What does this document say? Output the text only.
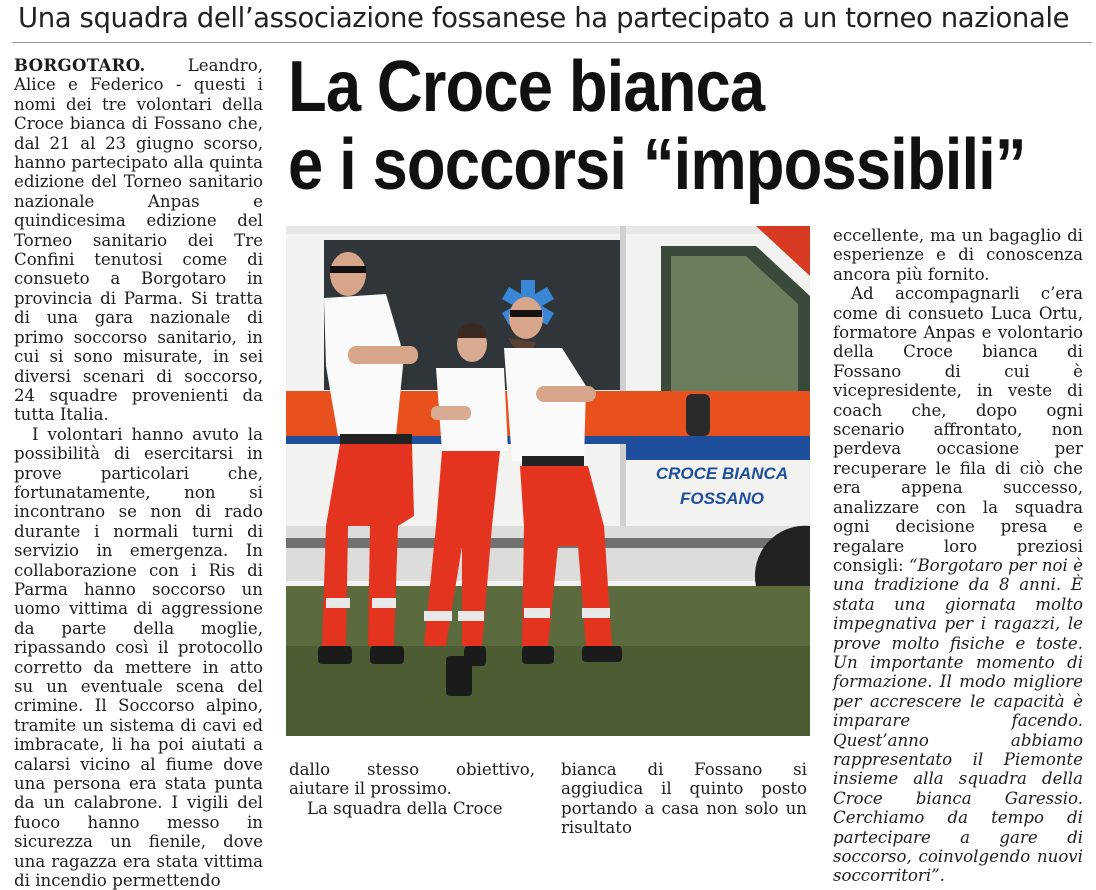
Una squadra dell’associazione fossanese ha partecipato a un torneo nazionale
La Croce bianca
e i soccorsi “impossibili”

BORGOTARO.	Leandro, Alice e Federico - questi i nomi dei tre volontari della Croce bianca di Fossano che, dal 21 al 23 giugno scorso, hanno partecipato alla quinta edizione del Torneo sanitario nazionale Anpas e quindicesima edizione del Torneo sanitario dei Tre Confini tenutosi come di consueto a Borgotaro in provincia di Parma. Si tratta di una gara nazionale di primo soccorso sanitario, in cui si sono misurate, in sei diversi scenari di soccorso, 24 squadre provenienti da tutta Italia.

I volontari hanno avuto la possibilità di esercitarsi in prove particolari che, fortunatamente, non si incontrano se non di rado durante i normali turni di servizio in emergenza. In collaborazione con i Ris di Parma hanno soccorso un uomo vittima di aggressione da parte della moglie, ripassando così il protocollo corretto da mettere in atto su un eventuale scena del crimine. Il Soccorso alpino, tramite un sistema di cavi ed imbracate, li ha poi aiutati a calarsi vicino al fiume dove una persona era stata punta da un calabrone. I vigili del fuoco hanno messo in sicurezza un fienile, dove una ragazza era stata vittima di incendio permettendo

CROCE BIANCA
FOSSANO

dallo stesso obiettivo, aiutare il prossimo.

La squadra della Croce

bianca di Fossano si aggiudica il quinto posto portando a casa non solo un risultato

eccellente, ma un bagaglio di esperienze e di conoscenza ancora più fornito.

Ad accompagnarli c’era come di consueto Luca Ortu, formatore Anpas e volontario della Croce bianca di Fossano di cui è vicepresidente, in veste di coach che, dopo ogni scenario affrontato, non perdeva occasione per recuperare le fila di ciò che era appena successo, analizzare con la squadra ogni decisione presa e regalare loro preziosi consigli: “Borgotaro per noi è una tradizione da 8 anni. È stata una giornata molto impegnativa per i ragazzi, le prove molto fisiche e toste. Un importante momento di formazione. Il modo migliore per accrescere le capacità è imparare facendo. Quest’anno abbiamo rappresentato il Piemonte insieme alla squadra della Croce bianca Garessio. Cerchiamo da tempo di partecipare a gare di soccorso, coinvolgendo nuovi soccorritori”.
